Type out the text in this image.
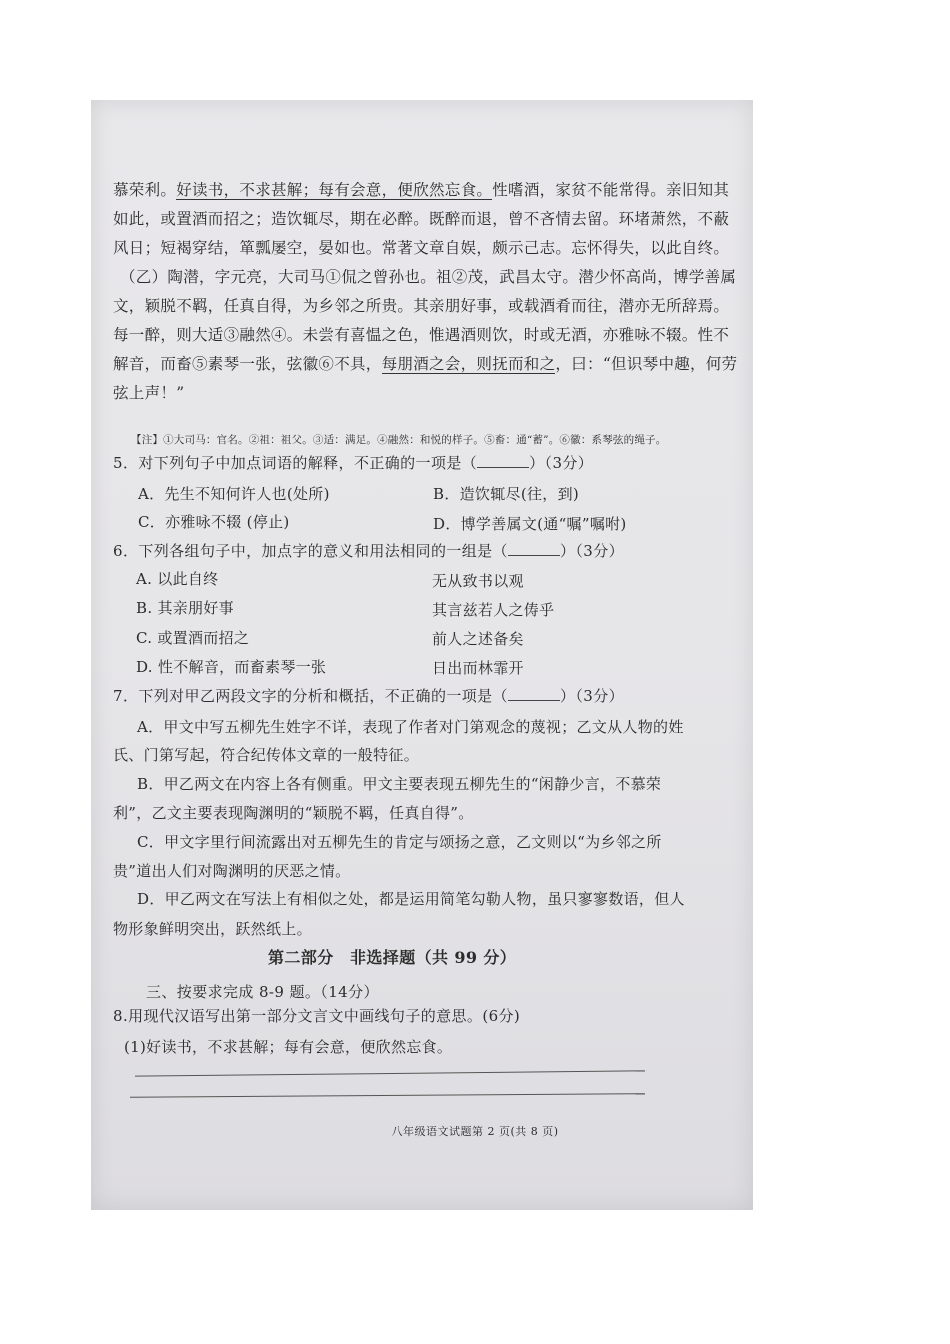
慕荣利。好读书，不求甚解；每有会意，便欣然忘食。性嗜酒，家贫不能常得。亲旧知其
如此，或置酒而招之；造饮辄尽，期在必醉。既醉而退，曾不吝情去留。环堵萧然，不蔽
风日；短褐穿结，箪瓢屡空，晏如也。常著文章自娱，颇示己志。忘怀得失，以此自终。
（乙）陶潜，字元亮，大司马①侃之曾孙也。祖②茂，武昌太守。潜少怀高尚，博学善属
文，颖脱不羁，任真自得，为乡邻之所贵。其亲朋好事，或载酒肴而往，潜亦无所辞焉。
每一醉，则大适③融然④。未尝有喜愠之色，惟遇酒则饮，时或无酒，亦雅咏不辍。性不
解音，而畜⑤素琴一张，弦徽⑥不具，每朋酒之会，则抚而和之，曰：“但识琴中趣，何劳
弦上声！”
【注】①大司马：官名。②祖：祖父。③适：满足。④融然：和悦的样子。⑤畜：通“蓄”。⑥徽：系琴弦的绳子。
5．对下列句子中加点词语的解释，不正确的一项是（	）（3分）
A．先生不知何许人也(处所)	B．造饮辄尽(往，到)
C．亦雅咏不辍 (停止)	D．博学善属文(通“嘱”嘱咐)
6．下列各组句子中，加点字的意义和用法相同的一组是（	）（3分）
A. 以此自终	无从致书以观
B. 其亲朋好事	其言兹若人之俦乎
C. 或置酒而招之	前人之述备矣
D. 性不解音，而畜素琴一张	日出而林霏开
7．下列对甲乙两段文字的分析和概括，不正确的一项是（	）（3分）
A．甲文中写五柳先生姓字不详，表现了作者对门第观念的蔑视；乙文从人物的姓
氏、门第写起，符合纪传体文章的一般特征。
B．甲乙两文在内容上各有侧重。甲文主要表现五柳先生的“闲静少言，不慕荣
利”，乙文主要表现陶渊明的“颖脱不羁，任真自得”。
C．甲文字里行间流露出对五柳先生的肯定与颂扬之意，乙文则以“为乡邻之所
贵”道出人们对陶渊明的厌恶之情。
D．甲乙两文在写法上有相似之处，都是运用简笔勾勒人物，虽只寥寥数语，但人
物形象鲜明突出，跃然纸上。
第二部分　非选择题（共 99 分）
三、按要求完成 8-9 题。（14分）
8.用现代汉语写出第一部分文言文中画线句子的意思。(6分)
(1)好读书，不求甚解；每有会意，便欣然忘食。
八年级语文试题第 2 页(共 8 页)
